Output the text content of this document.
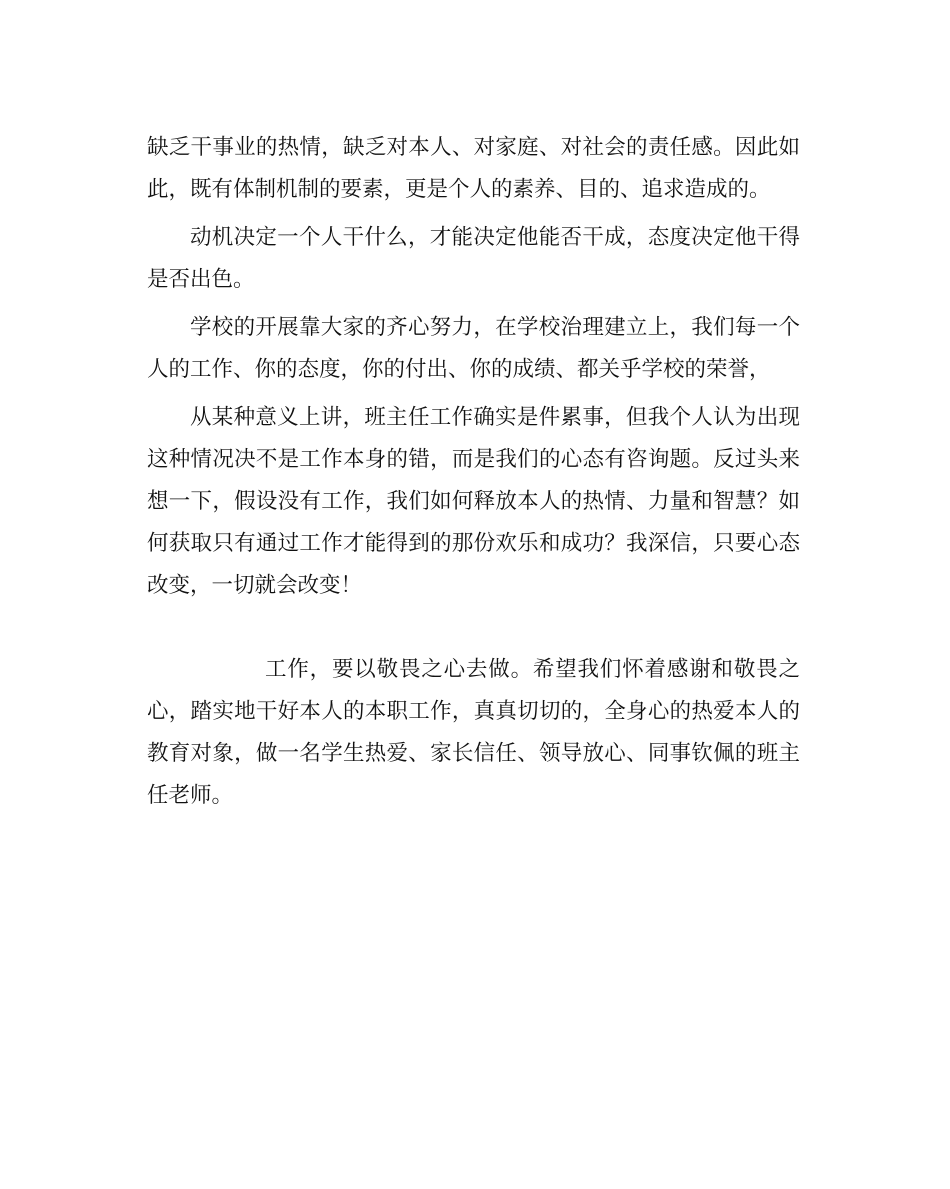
缺乏干事业的热情，缺乏对本人、对家庭、对社会的责任感。因此如此，既有体制机制的要素，更是个人的素养、目的、追求造成的。

动机决定一个人干什么，才能决定他能否干成，态度决定他干得是否出色。

学校的开展靠大家的齐心努力，在学校治理建立上，我们每一个人的工作、你的态度，你的付出、你的成绩、都关乎学校的荣誉，

从某种意义上讲，班主任工作确实是件累事，但我个人认为出现这种情况决不是工作本身的错，而是我们的心态有咨询题。反过头来想一下，假设没有工作，我们如何释放本人的热情、力量和智慧？如何获取只有通过工作才能得到的那份欢乐和成功？我深信，只要心态改变，一切就会改变！

工作，要以敬畏之心去做。希望我们怀着感谢和敬畏之心，踏实地干好本人的本职工作，真真切切的，全身心的热爱本人的教育对象，做一名学生热爱、家长信任、领导放心、同事钦佩的班主任老师。
